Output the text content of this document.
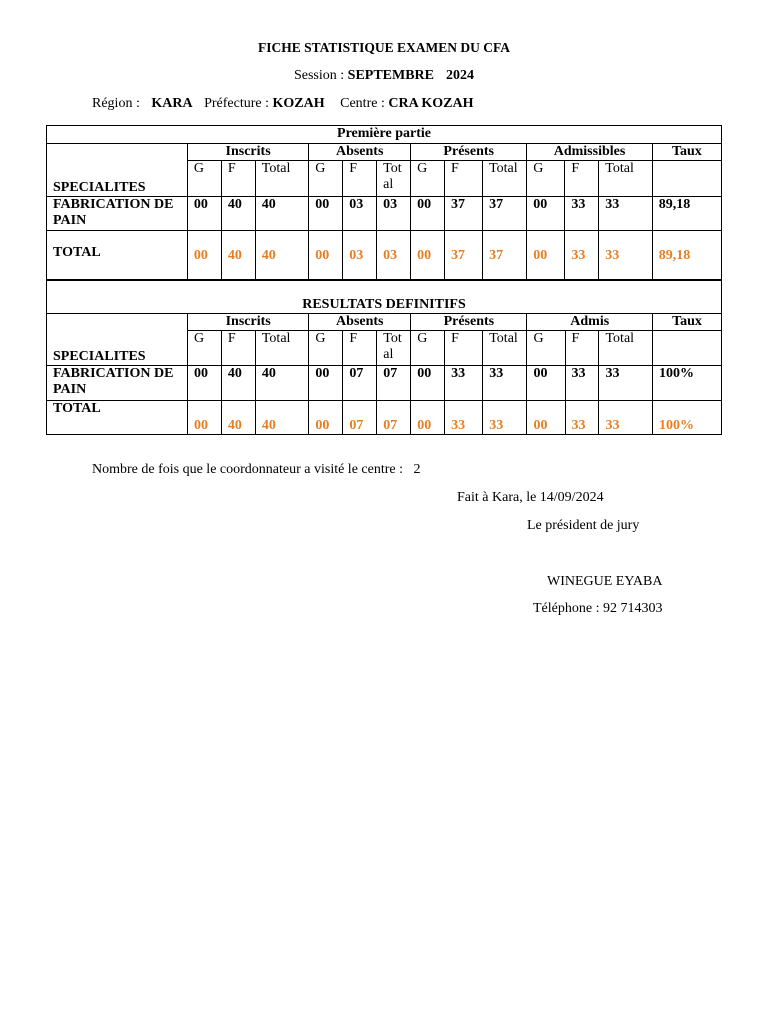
FICHE STATISTIQUE EXAMEN DU CFA
Session : SEPTEMBRE 2024
Région : KARA Préfecture : KOZAH Centre : CRA KOZAH
Première partie													
SPECIALITES	Inscrits			Absents			Présents			Admissibles			Taux
	G	F	Total	G	F	Total	G	F	Total	G	F	Total	
FABRICATION DE PAIN	00	40	40	00	03	03	00	37	37	00	33	33	89,18
TOTAL	00	40	40	00	03	03	00	37	37	00	33	33	89,18
RESULTATS DEFINITIFS													
SPECIALITES	Inscrits			Absents			Présents			Admis			Taux
	G	F	Total	G	F	Total	G	F	Total	G	F	Total	
FABRICATION DE PAIN	00	40	40	00	07	07	00	33	33	00	33	33	100%
TOTAL	00	40	40	00	07	07	00	33	33	00	33	33	100%
Nombre de fois que le coordonnateur a visité le centre : 2
Fait à Kara, le 14/09/2024
Le président de jury
WINEGUE EYABA
Téléphone : 92 714303
